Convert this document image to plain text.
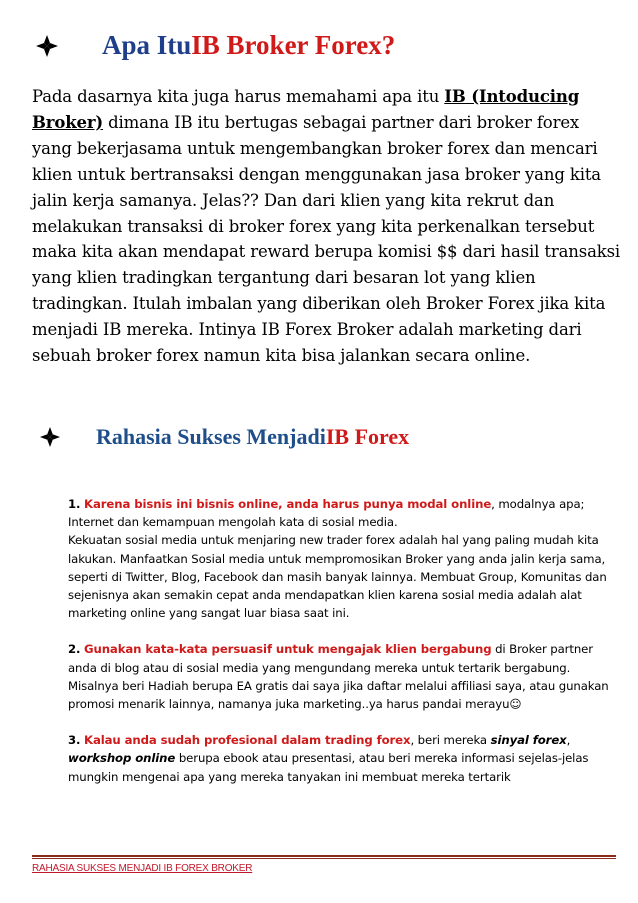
Apa Itu IB Broker Forex?
Pada dasarnya kita juga harus memahami apa itu IB (Intoducing Broker) dimana IB itu bertugas sebagai partner dari broker forex yang bekerjasama untuk mengembangkan broker forex dan mencari klien untuk bertransaksi dengan menggunakan jasa broker yang kita jalin kerja samanya. Jelas?? Dan dari klien yang kita rekrut dan melakukan transaksi di broker forex yang kita perkenalkan tersebut maka kita akan mendapat reward berupa komisi $$ dari hasil transaksi yang klien tradingkan tergantung dari besaran lot yang klien tradingkan. Itulah imbalan yang diberikan oleh Broker Forex jika kita menjadi IB mereka. Intinya IB Forex Broker adalah marketing dari sebuah broker forex namun kita bisa jalankan secara online.
Rahasia Sukses Menjadi IB Forex
1. Karena bisnis ini bisnis online, anda harus punya modal online, modalnya apa; Internet dan kemampuan mengolah kata di sosial media.
Kekuatan sosial media untuk menjaring new trader forex adalah hal yang paling mudah kita lakukan. Manfaatkan Sosial media untuk mempromosikan Broker yang anda jalin kerja sama, seperti di Twitter, Blog, Facebook dan masih banyak lainnya. Membuat Group, Komunitas dan sejenisnya akan semakin cepat anda mendapatkan klien karena sosial media adalah alat marketing online yang sangat luar biasa saat ini.
2. Gunakan kata-kata persuasif untuk mengajak klien bergabung di Broker partner anda di blog atau di sosial media yang mengundang mereka untuk tertarik bergabung. Misalnya beri Hadiah berupa EA gratis dai saya jika daftar melalui affiliasi saya, atau gunakan promosi menarik lainnya, namanya juka marketing..ya harus pandai merayu☺
3. Kalau anda sudah profesional dalam trading forex, beri mereka sinyal forex, workshop online berupa ebook atau presentasi, atau beri mereka informasi sejelas-jelas mungkin mengenai apa yang mereka tanyakan ini membuat mereka tertarik
RAHASIA SUKSES MENJADI IB FOREX BROKER
